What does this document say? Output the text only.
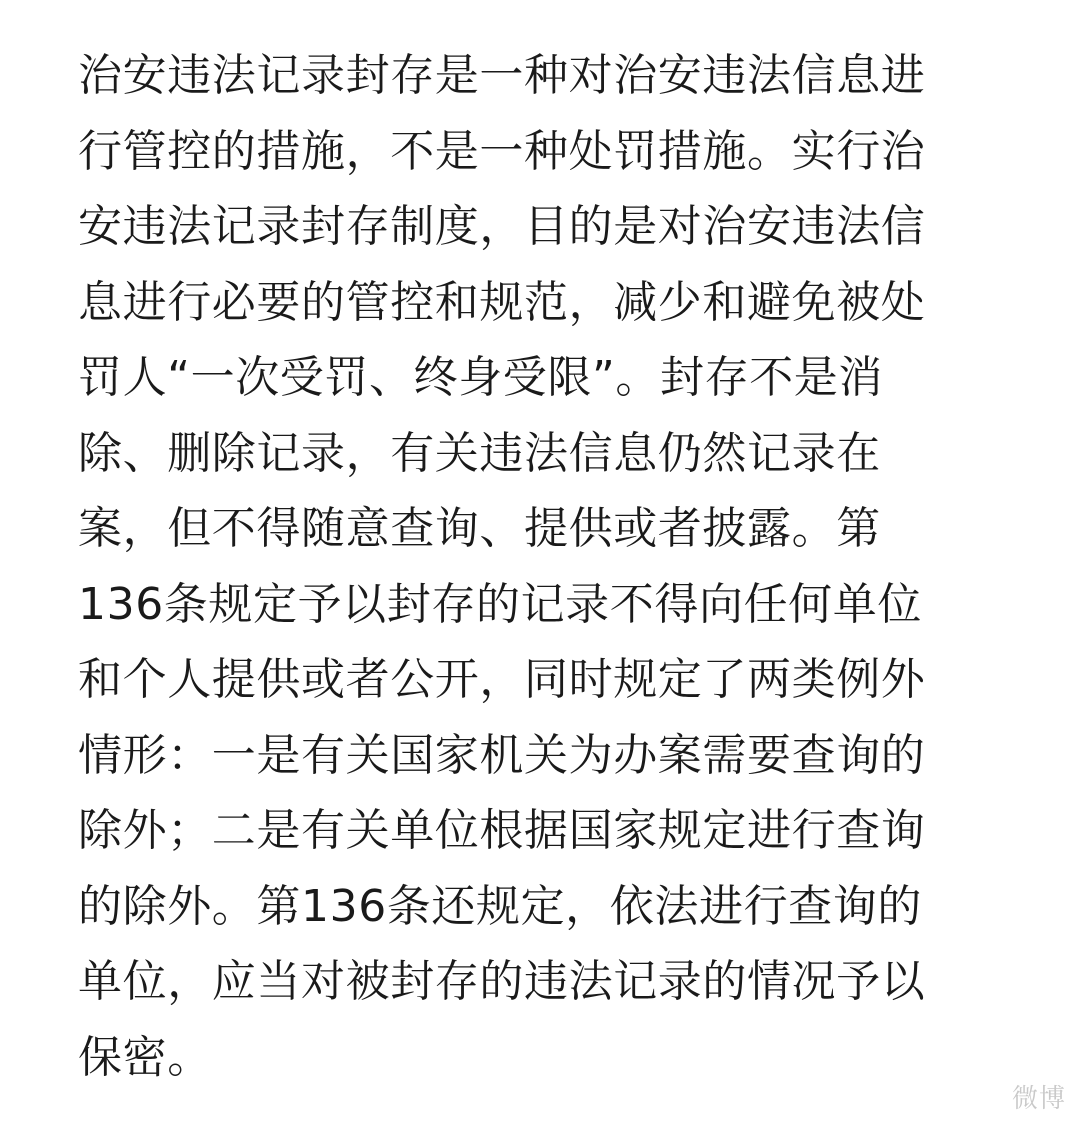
治安违法记录封存是一种对治安违法信息进
行管控的措施，不是一种处罚措施。实行治
安违法记录封存制度，目的是对治安违法信
息进行必要的管控和规范，减少和避免被处
罚人“一次受罚、终身受限”。封存不是消
除、删除记录，有关违法信息仍然记录在
案，但不得随意查询、提供或者披露。第
136条规定予以封存的记录不得向任何单位
和个人提供或者公开，同时规定了两类例外
情形：一是有关国家机关为办案需要查询的
除外；二是有关单位根据国家规定进行查询
的除外。第136条还规定，依法进行查询的
单位，应当对被封存的违法记录的情况予以
保密。
微博
